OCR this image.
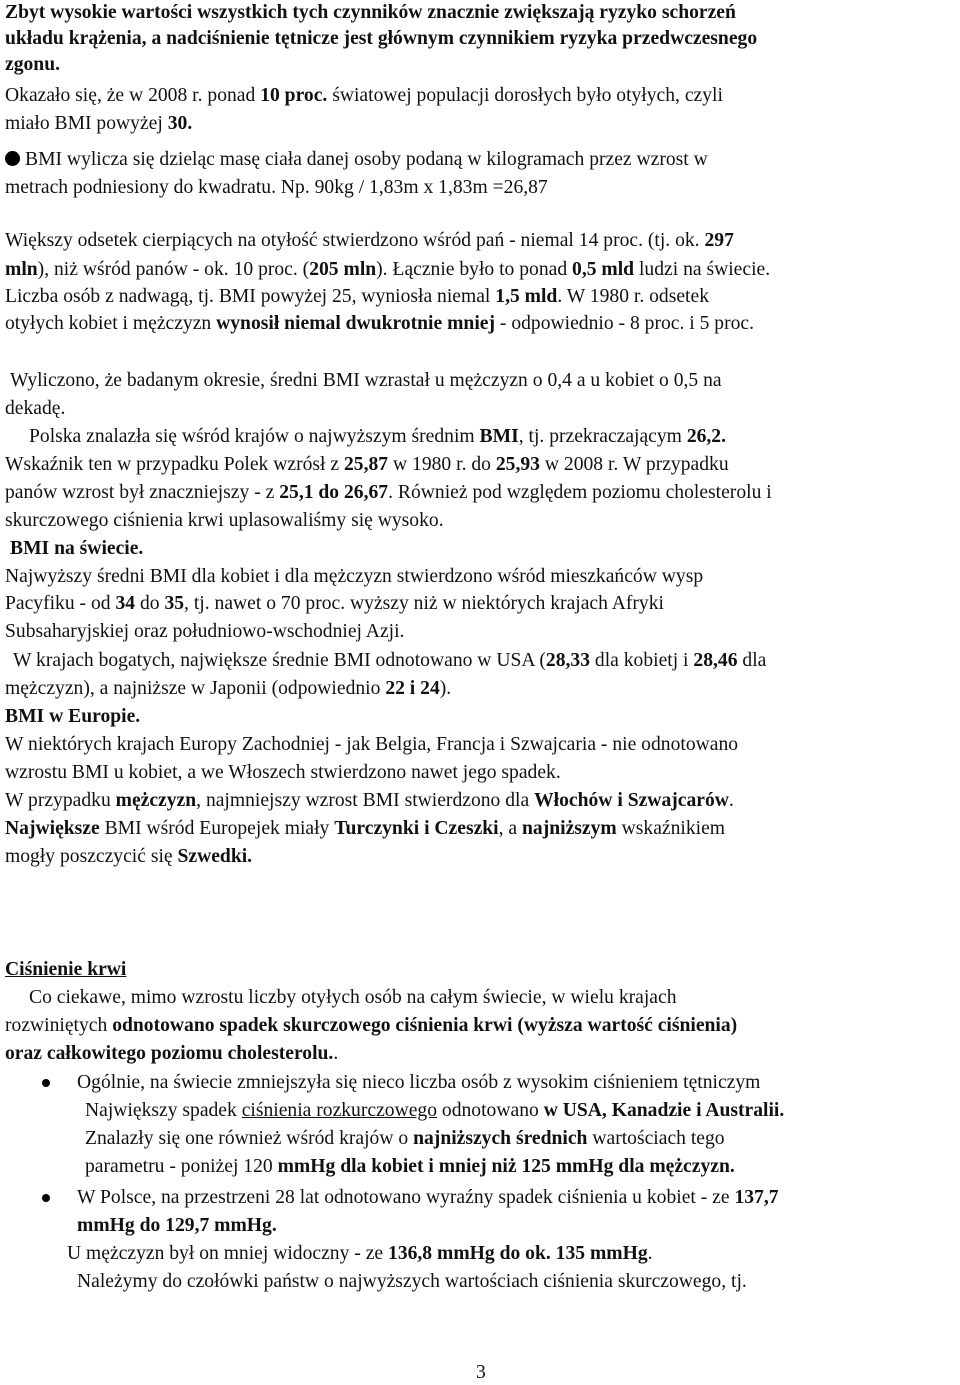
Zbyt wysokie wartości wszystkich tych czynników znacznie zwiększają ryzyko schorzeń
układu krążenia, a nadciśnienie tętnicze jest głównym czynnikiem ryzyka przedwczesnego
zgonu.
Okazało się, że w 2008 r. ponad 10 proc. światowej populacji dorosłych było otyłych, czyli
miało BMI powyżej 30.
BMI wylicza się dzieląc masę ciała danej osoby podaną w kilogramach przez wzrost w
metrach podniesiony do kwadratu. Np. 90kg / 1,83m x 1,83m =26,87
Większy odsetek cierpiących na otyłość stwierdzono wśród pań - niemal 14 proc. (tj. ok. 297
mln), niż wśród panów - ok. 10 proc. (205 mln). Łącznie było to ponad 0,5 mld ludzi na świecie.
Liczba osób z nadwagą, tj. BMI powyżej 25, wyniosła niemal 1,5 mld. W 1980 r. odsetek
otyłych kobiet i mężczyzn wynosił niemal dwukrotnie mniej - odpowiednio - 8 proc. i 5 proc.
Wyliczono, że badanym okresie, średni BMI wzrastał u mężczyzn o 0,4 a u kobiet o 0,5 na
dekadę.
Polska znalazła się wśród krajów o najwyższym średnim BMI, tj. przekraczającym 26,2.
Wskaźnik ten w przypadku Polek wzrósł z 25,87 w 1980 r. do 25,93 w 2008 r. W przypadku
panów wzrost był znaczniejszy - z 25,1 do 26,67. Również pod względem poziomu cholesterolu i
skurczowego ciśnienia krwi uplasowaliśmy się wysoko.
BMI na świecie.
Najwyższy średni BMI dla kobiet i dla mężczyzn stwierdzono wśród mieszkańców wysp
Pacyfiku - od 34 do 35, tj. nawet o 70 proc. wyższy niż w niektórych krajach Afryki
Subsaharyjskiej oraz południowo-wschodniej Azji.
W krajach bogatych, największe średnie BMI odnotowano w USA (28,33 dla kobietj i 28,46 dla
mężczyzn), a najniższe w Japonii (odpowiednio 22 i 24).
BMI w Europie.
W niektórych krajach Europy Zachodniej - jak Belgia, Francja i Szwajcaria - nie odnotowano
wzrostu BMI u kobiet, a we Włoszech stwierdzono nawet jego spadek.
W przypadku mężczyzn, najmniejszy wzrost BMI stwierdzono dla Włochów i Szwajcarów.
Największe BMI wśród Europejek miały Turczynki i Czeszki, a najniższym wskaźnikiem
mogły poszczycić się Szwedki.
Ciśnienie krwi
Co ciekawe, mimo wzrostu liczby otyłych osób na całym świecie, w wielu krajach
rozwiniętych odnotowano spadek skurczowego ciśnienia krwi (wyższa wartość ciśnienia)
oraz całkowitego poziomu cholesterolu..
Ogólnie, na świecie zmniejszyła się nieco liczba osób z wysokim ciśnieniem tętniczym
Największy spadek ciśnienia rozkurczowego odnotowano w USA, Kanadzie i Australii.
Znalazły się one również wśród krajów o najniższych średnich wartościach tego
parametru - poniżej 120 mmHg dla kobiet i mniej niż 125 mmHg dla mężczyzn.
W Polsce, na przestrzeni 28 lat odnotowano wyraźny spadek ciśnienia u kobiet - ze 137,7
mmHg do 129,7 mmHg.
U mężczyzn był on mniej widoczny - ze 136,8 mmHg do ok. 135 mmHg.
Należymy do czołówki państw o najwyższych wartościach ciśnienia skurczowego, tj.
3
